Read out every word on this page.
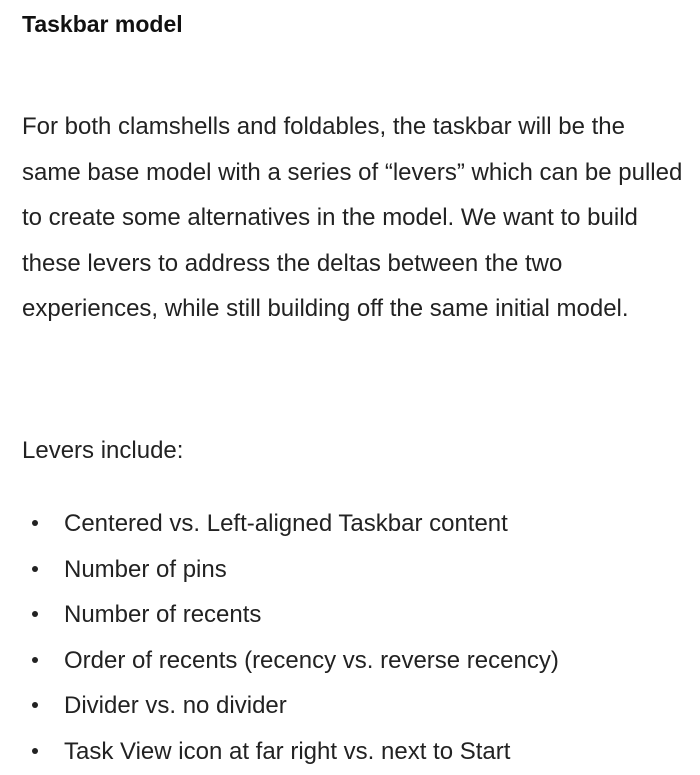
Taskbar model

For both clamshells and foldables, the taskbar will be the same base model with a series of “levers” which can be pulled to create some alternatives in the model. We want to build these levers to address the deltas between the two experiences, while still building off the same initial model.

Levers include:

Centered vs. Left-aligned Taskbar content
Number of pins
Number of recents
Order of recents (recency vs. reverse recency)
Divider vs. no divider
Task View icon at far right vs. next to Start
